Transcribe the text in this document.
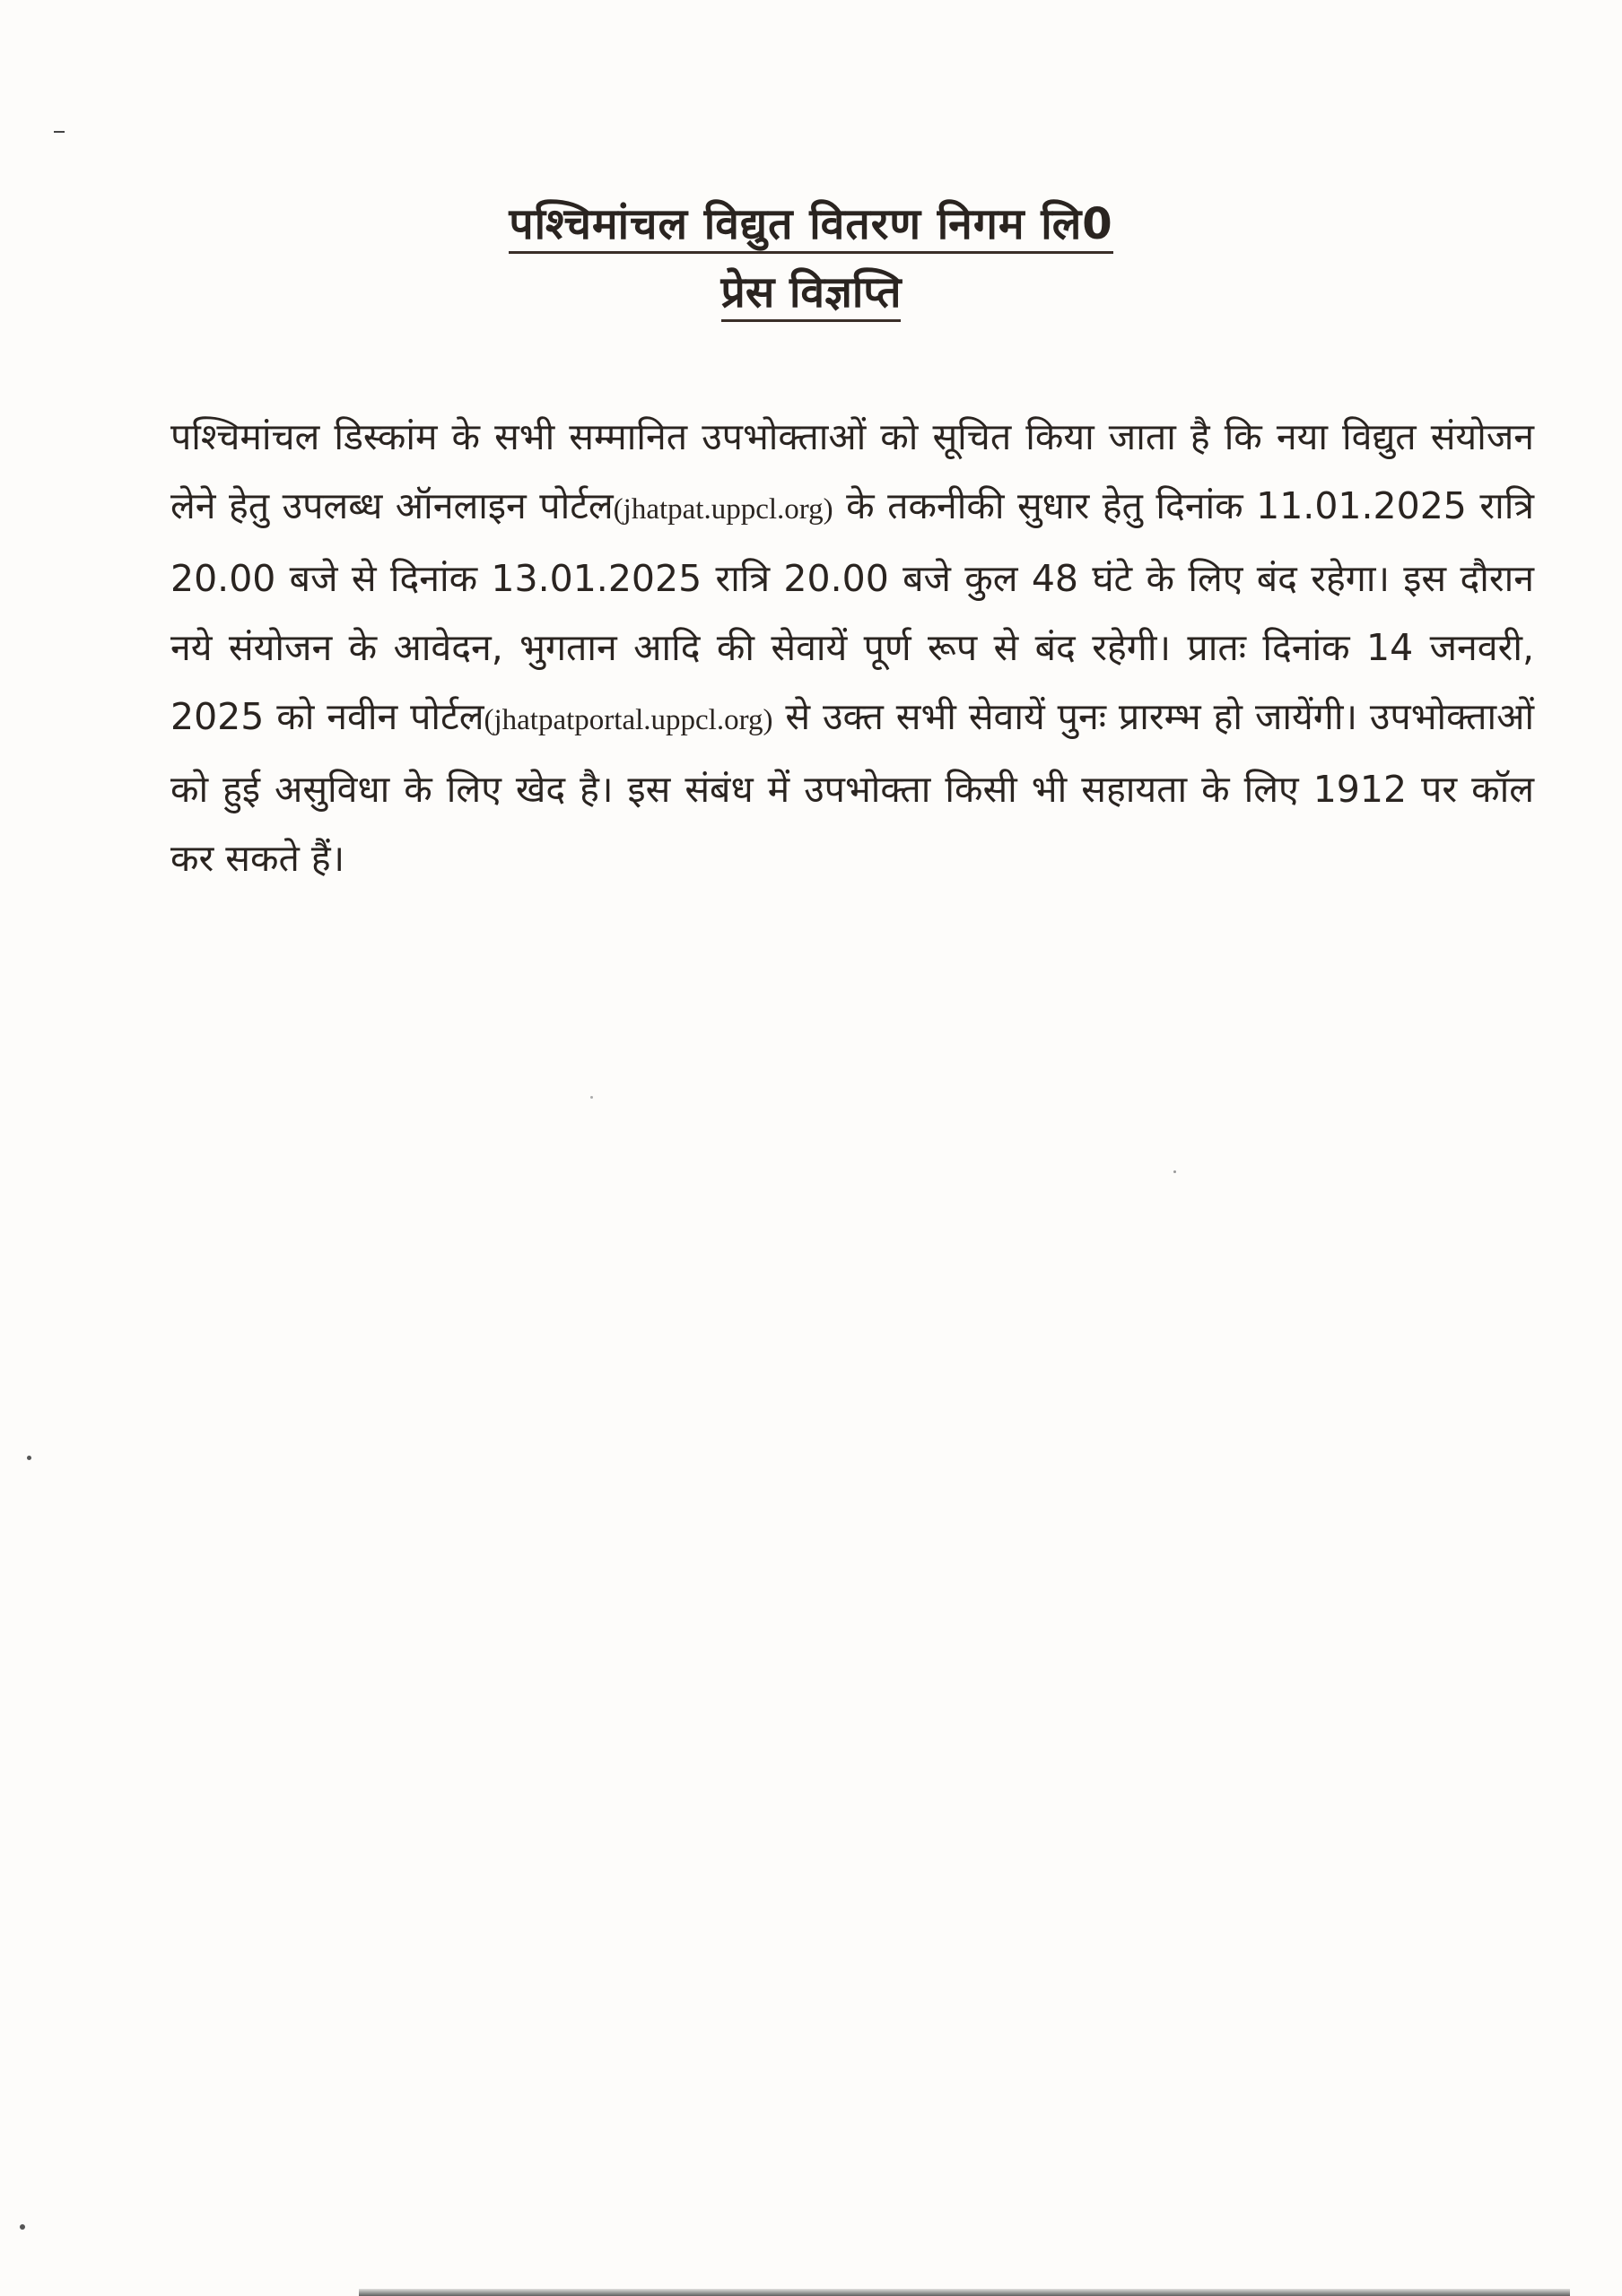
पश्चिमांचल विद्युत वितरण निगम लि0
प्रेस विज्ञप्ति

पश्चिमांचल डिस्कांम के सभी सम्मानित उपभोक्ताओं को सूचित किया जाता है कि नया विद्युत संयोजन लेने हेतु उपलब्ध ऑनलाइन पोर्टल(jhatpat.uppcl.org) के तकनीकी सुधार हेतु दिनांक 11.01.2025 रात्रि 20.00 बजे से दिनांक 13.01.2025 रात्रि 20.00 बजे कुल 48 घंटे के लिए बंद रहेगा। इस दौरान नये संयोजन के आवेदन, भुगतान आदि की सेवायें पूर्ण रूप से बंद रहेगी। प्रातः दिनांक 14 जनवरी, 2025 को नवीन पोर्टल(jhatpatportal.uppcl.org) से उक्त सभी सेवायें पुनः प्रारम्भ हो जायेंगी। उपभोक्ताओं को हुई असुविधा के लिए खेद है। इस संबंध में उपभोक्ता किसी भी सहायता के लिए 1912 पर कॉल कर सकते हैं।
